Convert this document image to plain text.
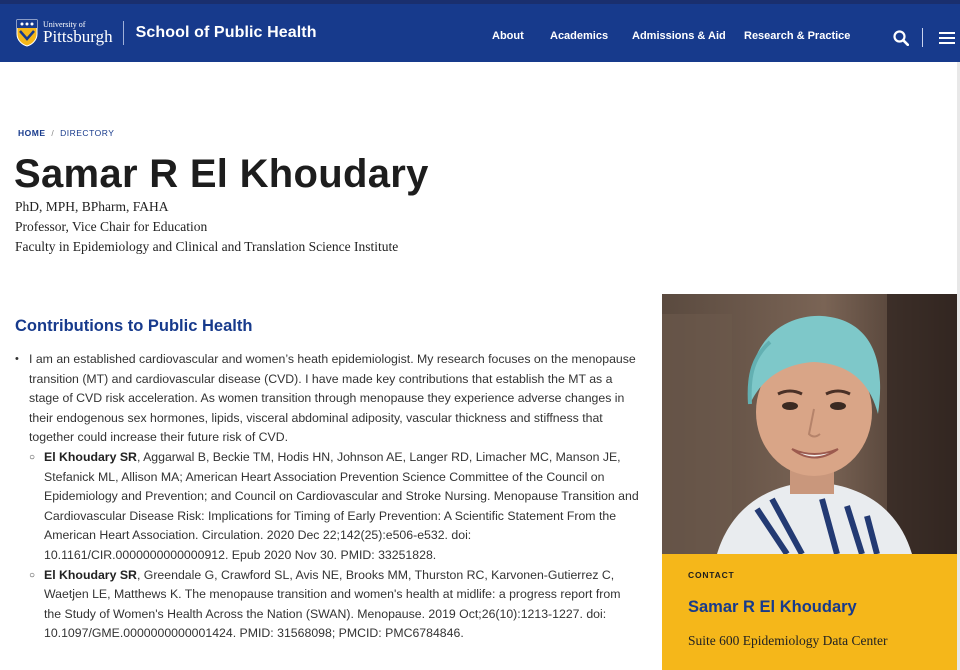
University of
Pittsburgh School of Public Health	About Academics Admissions & Aid Research & Practice
HOME / DIRECTORY
Samar R El Khoudary
PhD, MPH, BPharm, FAHA
Professor, Vice Chair for Education
Faculty in Epidemiology and Clinical and Translation Science Institute
Contributions to Public Health
• I am an established cardiovascular and women’s heath epidemiologist. My research focuses on the menopause transition (MT) and cardiovascular disease (CVD). I have made key contributions that establish the MT as a stage of CVD risk acceleration. As women transition through menopause they experience adverse changes in their endogenous sex hormones, lipids, visceral abdominal adiposity, vascular thickness and stiffness that together could increase their future risk of CVD.
○ El Khoudary SR, Aggarwal B, Beckie TM, Hodis HN, Johnson AE, Langer RD, Limacher MC, Manson JE, Stefanick ML, Allison MA; American Heart Association Prevention Science Committee of the Council on Epidemiology and Prevention; and Council on Cardiovascular and Stroke Nursing. Menopause Transition and Cardiovascular Disease Risk: Implications for Timing of Early Prevention: A Scientific Statement From the American Heart Association. Circulation. 2020 Dec 22;142(25):e506-e532. doi: 10.1161/CIR.0000000000000912. Epub 2020 Nov 30. PMID: 33251828.
○ El Khoudary SR, Greendale G, Crawford SL, Avis NE, Brooks MM, Thurston RC, Karvonen-Gutierrez C, Waetjen LE, Matthews K. The menopause transition and women's health at midlife: a progress report from the Study of Women's Health Across the Nation (SWAN). Menopause. 2019 Oct;26(10):1213-1227. doi: 10.1097/GME.0000000000001424. PMID: 31568098; PMCID: PMC6784846.
CONTACT
Samar R El Khoudary
Suite 600 Epidemiology Data Center
